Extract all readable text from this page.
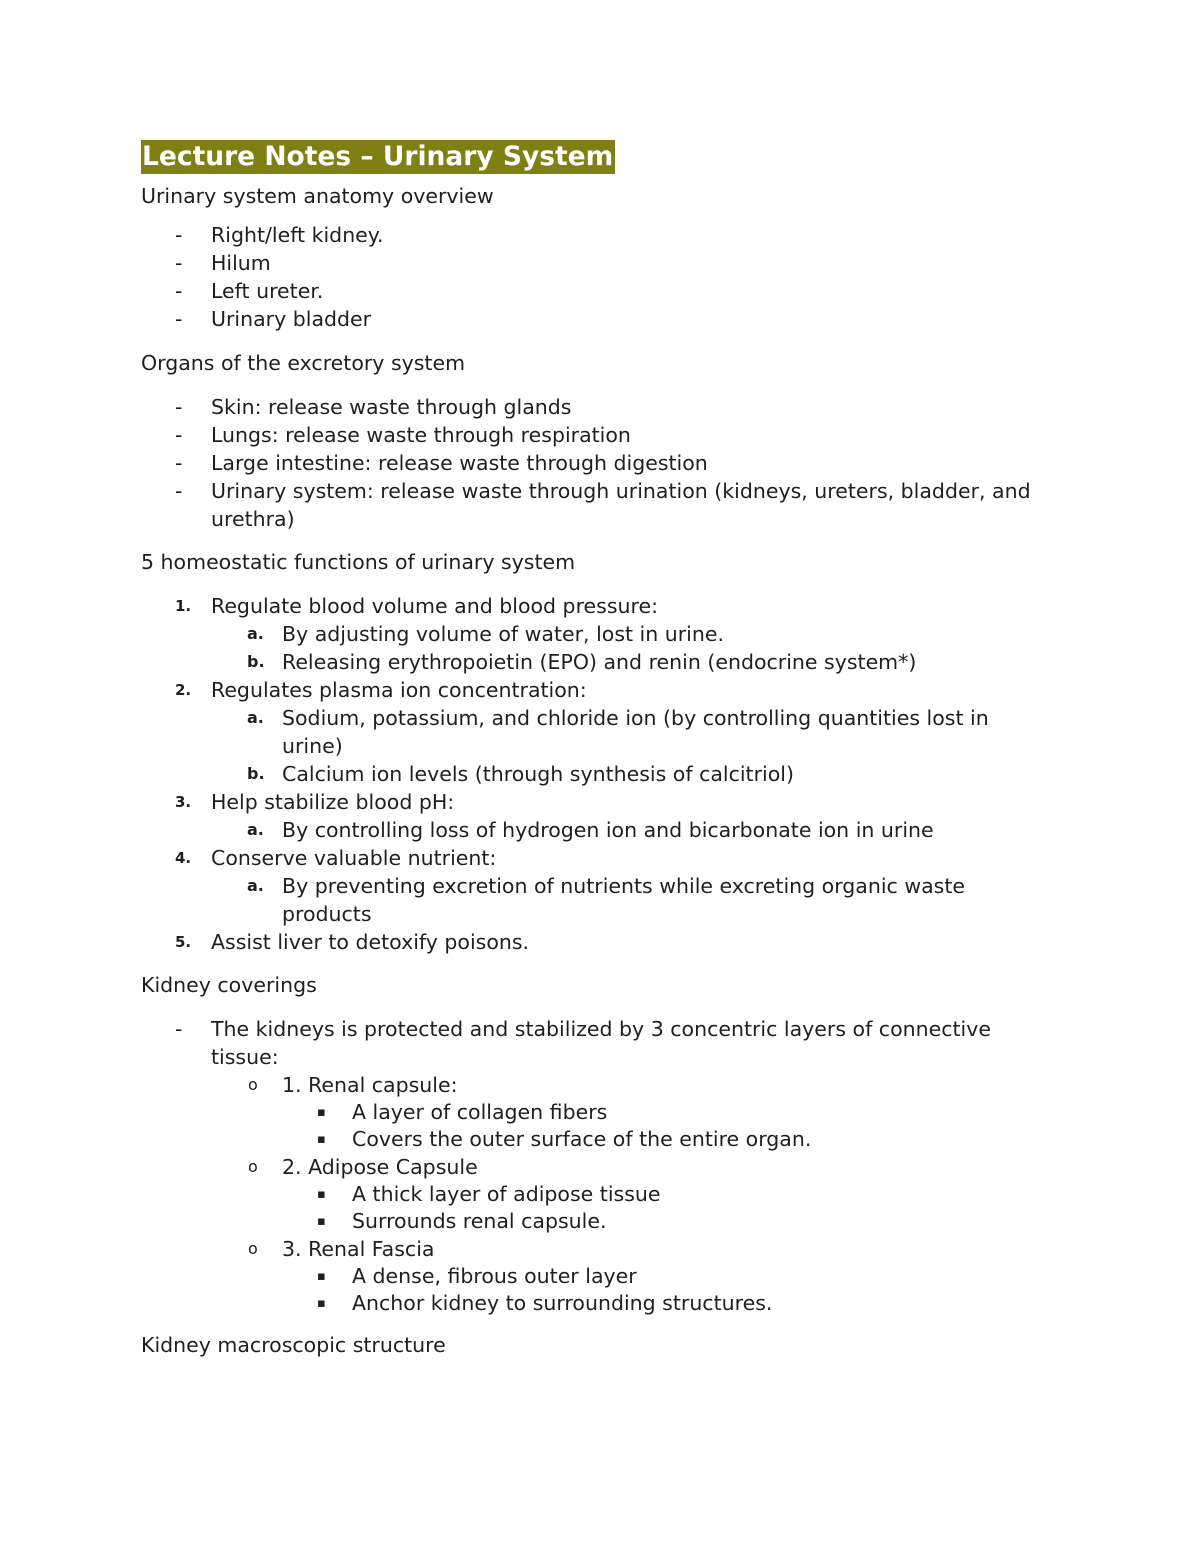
Lecture Notes – Urinary System

Urinary system anatomy overview

- Right/left kidney.
- Hilum
- Left ureter.
- Urinary bladder

Organs of the excretory system

- Skin: release waste through glands
- Lungs: release waste through respiration
- Large intestine: release waste through digestion
- Urinary system: release waste through urination (kidneys, ureters, bladder, and urethra)

5 homeostatic functions of urinary system

1. Regulate blood volume and blood pressure:
a. By adjusting volume of water, lost in urine.
b. Releasing erythropoietin (EPO) and renin (endocrine system*)
2. Regulates plasma ion concentration:
a. Sodium, potassium, and chloride ion (by controlling quantities lost in urine)
b. Calcium ion levels (through synthesis of calcitriol)
3. Help stabilize blood pH:
a. By controlling loss of hydrogen ion and bicarbonate ion in urine
4. Conserve valuable nutrient:
a. By preventing excretion of nutrients while excreting organic waste products
5. Assist liver to detoxify poisons.

Kidney coverings

- The kidneys is protected and stabilized by 3 concentric layers of connective tissue:
o 1. Renal capsule:
▪ A layer of collagen fibers
▪ Covers the outer surface of the entire organ.
o 2. Adipose Capsule
▪ A thick layer of adipose tissue
▪ Surrounds renal capsule.
o 3. Renal Fascia
▪ A dense, fibrous outer layer
▪ Anchor kidney to surrounding structures.

Kidney macroscopic structure
